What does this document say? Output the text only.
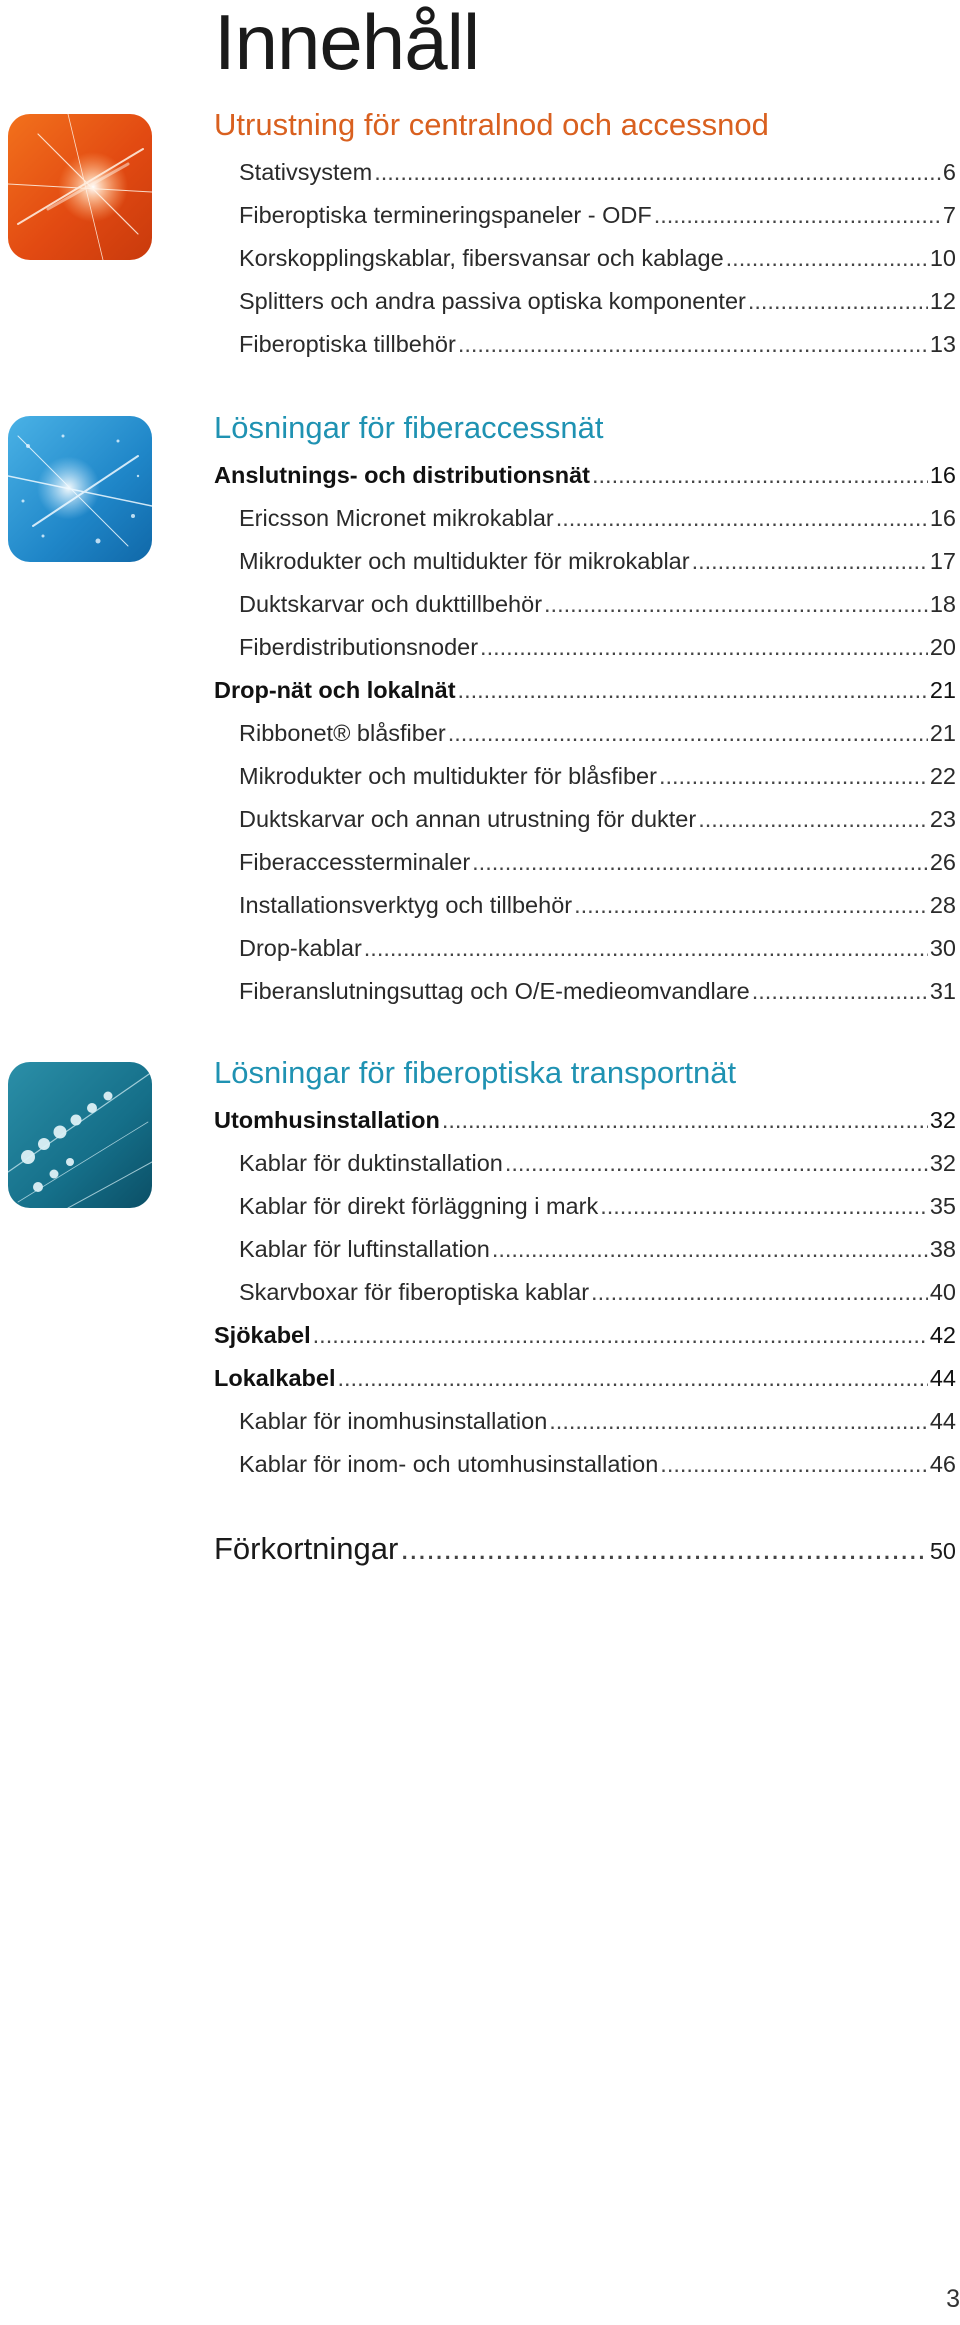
Innehåll
Utrustning för centralnod och accessnod
Stativsystem .....	6
Fiberoptiska termineringspaneler - ODF .....	7
Korskopplingskablar, fibersvansar och kablage .....	10
Splitters och andra passiva optiska komponenter .....	12
Fiberoptiska tillbehör .....	13
Lösningar för fiberaccessnät
Anslutnings- och distributionsnät .....	16
Ericsson Micronet mikrokablar .....	16
Mikrodukter och multidukter för mikrokablar .....	17
Duktskarvar och dukttillbehör .....	18
Fiberdistributionsnoder .....	20
Drop-nät och lokalnät .....	21
Ribbonet® blåsfiber .....	21
Mikrodukter och multidukter för blåsfiber .....	22
Duktskarvar och annan utrustning för dukter .....	23
Fiberaccessterminaler .....	26
Installationsverktyg och tillbehör .....	28
Drop-kablar .....	30
Fiberanslutningsuttag och O/E-medieomvandlare .....	31
Lösningar för fiberoptiska transportnät
Utomhusinstallation .....	32
Kablar för duktinstallation .....	32
Kablar för direkt förläggning i mark .....	35
Kablar för luftinstallation .....	38
Skarvboxar för fiberoptiska kablar .....	40
Sjökabel .....	42
Lokalkabel .....	44
Kablar för inomhusinstallation .....	44
Kablar för inom- och utomhusinstallation .....	46
Förkortningar .....	50

3
